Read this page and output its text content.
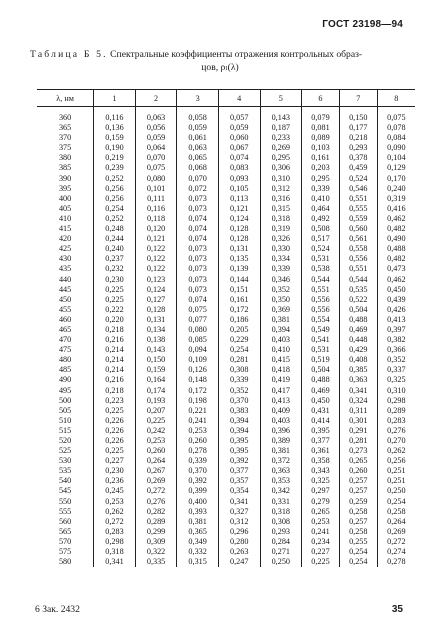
ГОСТ 23198—94
Таблица Б 5. Спектральные коэффициенты отражения контрольных образ-
цов, ρₗ(λ)
λ, нм	1	2	3	4	5	6	7	8

360	0,116	0,063	0,058	0,057	0,143	0,079	0,150	0,075
365	0,136	0,056	0,059	0,059	0,187	0,081	0,177	0,078
370	0,159	0,059	0,061	0,060	0,233	0,089	0,218	0,084
375	0,190	0,064	0,063	0,067	0,269	0,103	0,293	0,090
380	0,219	0,070	0,065	0,074	0,295	0,161	0,378	0,104
385	0,239	0,075	0,068	0,083	0,306	0,203	0,459	0,129
390	0,252	0,080	0,070	0,093	0,310	0,295	0,524	0,170
395	0,256	0,101	0,072	0,105	0,312	0,339	0,546	0,240
400	0,256	0,111	0,073	0,113	0,316	0,410	0,551	0,319
405	0,254	0,116	0,073	0,121	0,315	0,464	0,555	0,416
410	0,252	0,118	0,074	0,124	0,318	0,492	0,559	0,462
415	0,248	0,120	0,074	0,128	0,319	0,508	0,560	0,482
420	0,244	0,121	0,074	0,128	0,326	0,517	0,561	0,490
425	0,240	0,122	0,073	0,131	0,330	0,524	0,558	0,488
430	0,237	0,122	0,073	0,135	0,334	0,531	0,556	0,482
435	0,232	0,122	0,073	0,139	0,339	0,538	0,551	0,473
440	0,230	0,123	0,073	0,144	0,346	0,544	0,544	0,462
445	0,225	0,124	0,073	0,151	0,352	0,551	0,535	0,450
450	0,225	0,127	0,074	0,161	0,350	0,556	0,522	0,439
455	0,222	0,128	0,075	0,172	0,369	0,556	0,504	0,426
460	0,220	0,131	0,077	0,186	0,381	0,554	0,488	0,413
465	0,218	0,134	0,080	0,205	0,394	0,549	0,469	0,397
470	0,216	0,138	0,085	0,229	0,403	0,541	0,448	0,382
475	0,214	0,143	0,094	0,254	0,410	0,531	0,429	0,366
480	0,214	0,150	0,109	0,281	0,415	0,519	0,408	0,352
485	0,214	0,159	0,126	0,308	0,418	0,504	0,385	0,337
490	0,216	0,164	0,148	0,339	0,419	0,488	0,363	0,325
495	0,218	0,174	0,172	0,352	0,417	0,469	0,341	0,310
500	0,223	0,193	0,198	0,370	0,413	0,450	0,324	0,298
505	0,225	0,207	0,221	0,383	0,409	0,431	0,311	0,289
510	0,226	0,225	0,241	0,394	0,403	0,414	0,301	0,283
515	0,226	0,242	0,253	0,394	0,396	0,395	0,291	0,276
520	0,226	0,253	0,260	0,395	0,389	0,377	0,281	0,270
525	0,225	0,260	0,278	0,395	0,381	0,361	0,273	0,262
530	0,227	0,264	0,339	0,392	0,372	0,358	0,265	0,256
535	0,230	0,267	0,370	0,377	0,363	0,343	0,260	0,251
540	0,236	0,269	0,392	0,357	0,353	0,325	0,257	0,251
545	0,245	0,272	0,399	0,354	0,342	0,297	0,257	0,250
550	0,253	0,276	0,400	0,341	0,331	0,279	0,259	0,254
555	0,262	0,282	0,393	0,327	0,318	0,265	0,258	0,258
560	0,272	0,289	0,381	0,312	0,308	0,253	0,257	0,264
565	0,283	0,299	0,365	0,296	0,293	0,241	0,258	0,269
570	0,298	0,309	0,349	0,280	0,284	0,234	0,255	0,272
575	0,318	0,322	0,332	0,263	0,271	0,227	0,254	0,274
580	0,341	0,335	0,315	0,247	0,250	0,225	0,254	0,278
6 Зак. 2432	35
